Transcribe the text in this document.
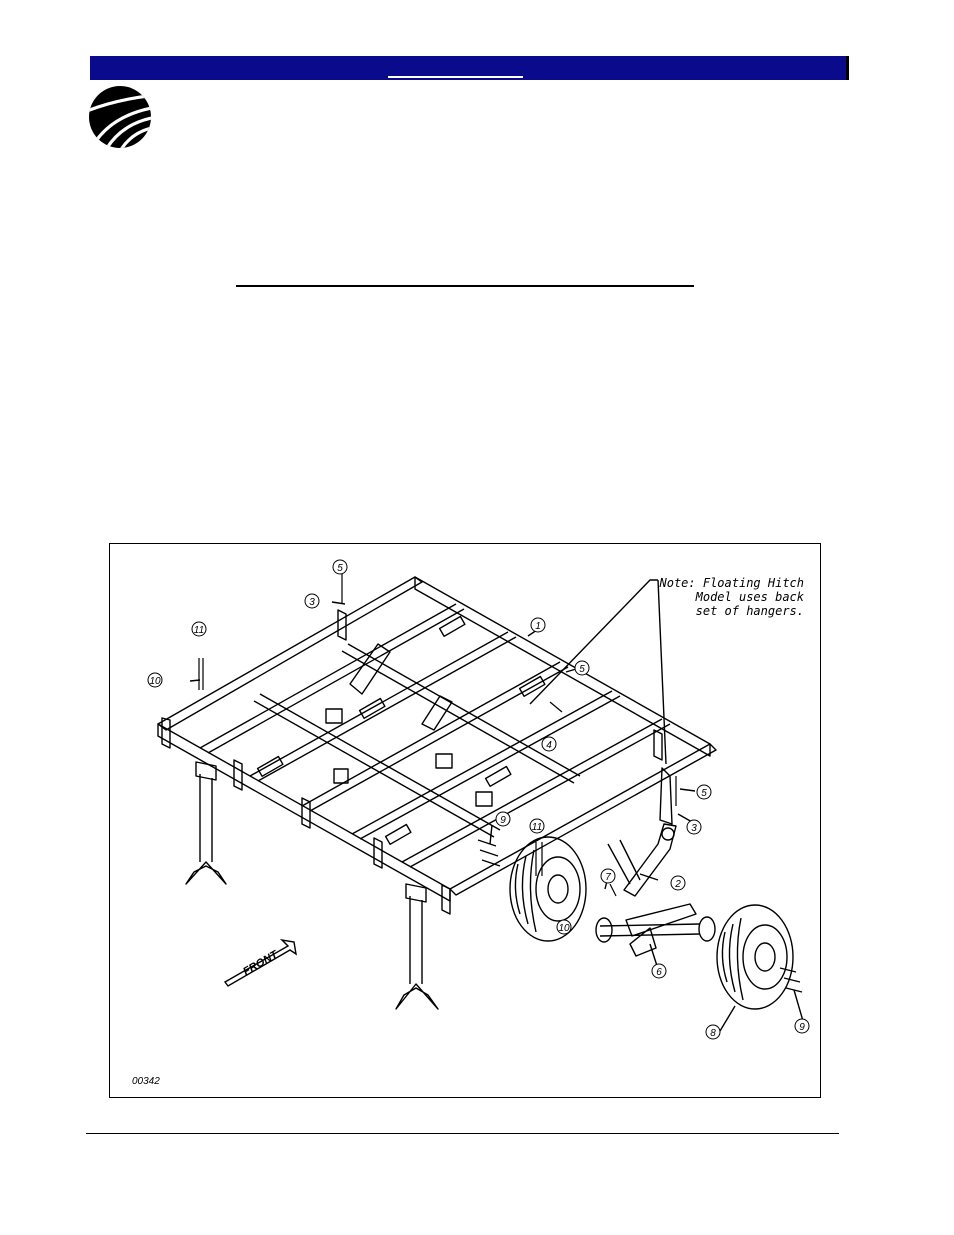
FRONT
Note: Floating Hitch
Model uses back
set of hangers.
5
3
11
10
1
5
4
5
3
9
11
7
2
10
6
8
9
00342
